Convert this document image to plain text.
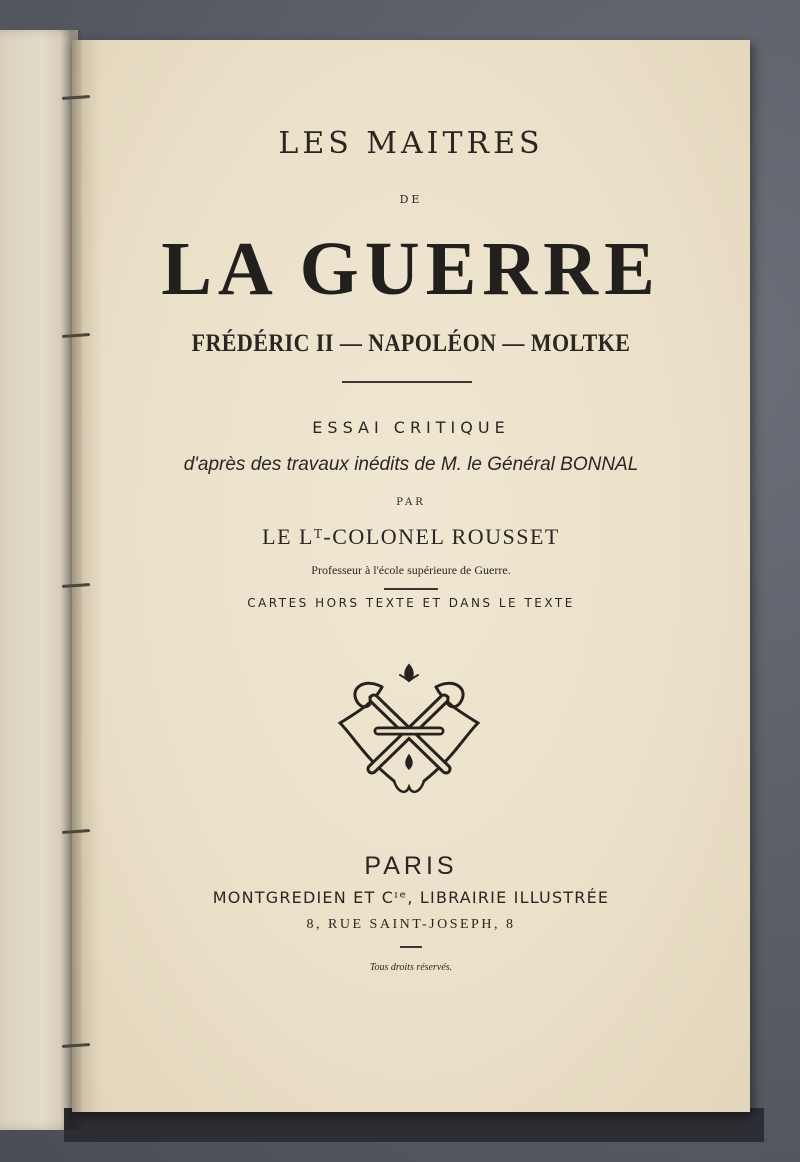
LES MAITRES
DE
LA GUERRE
FRÉDÉRIC II — NAPOLÉON — MOLTKE
ESSAI CRITIQUE
d'après des travaux inédits de M. le Général BONNAL
PAR
LE Lᵀ-COLONEL ROUSSET
Professeur à l'école supérieure de Guerre.
CARTES HORS TEXTE ET DANS LE TEXTE
PARIS
MONTGREDIEN ET Cᶦᵉ, LIBRAIRIE ILLUSTRÉE
8, RUE SAINT-JOSEPH, 8
Tous droits réservés.
